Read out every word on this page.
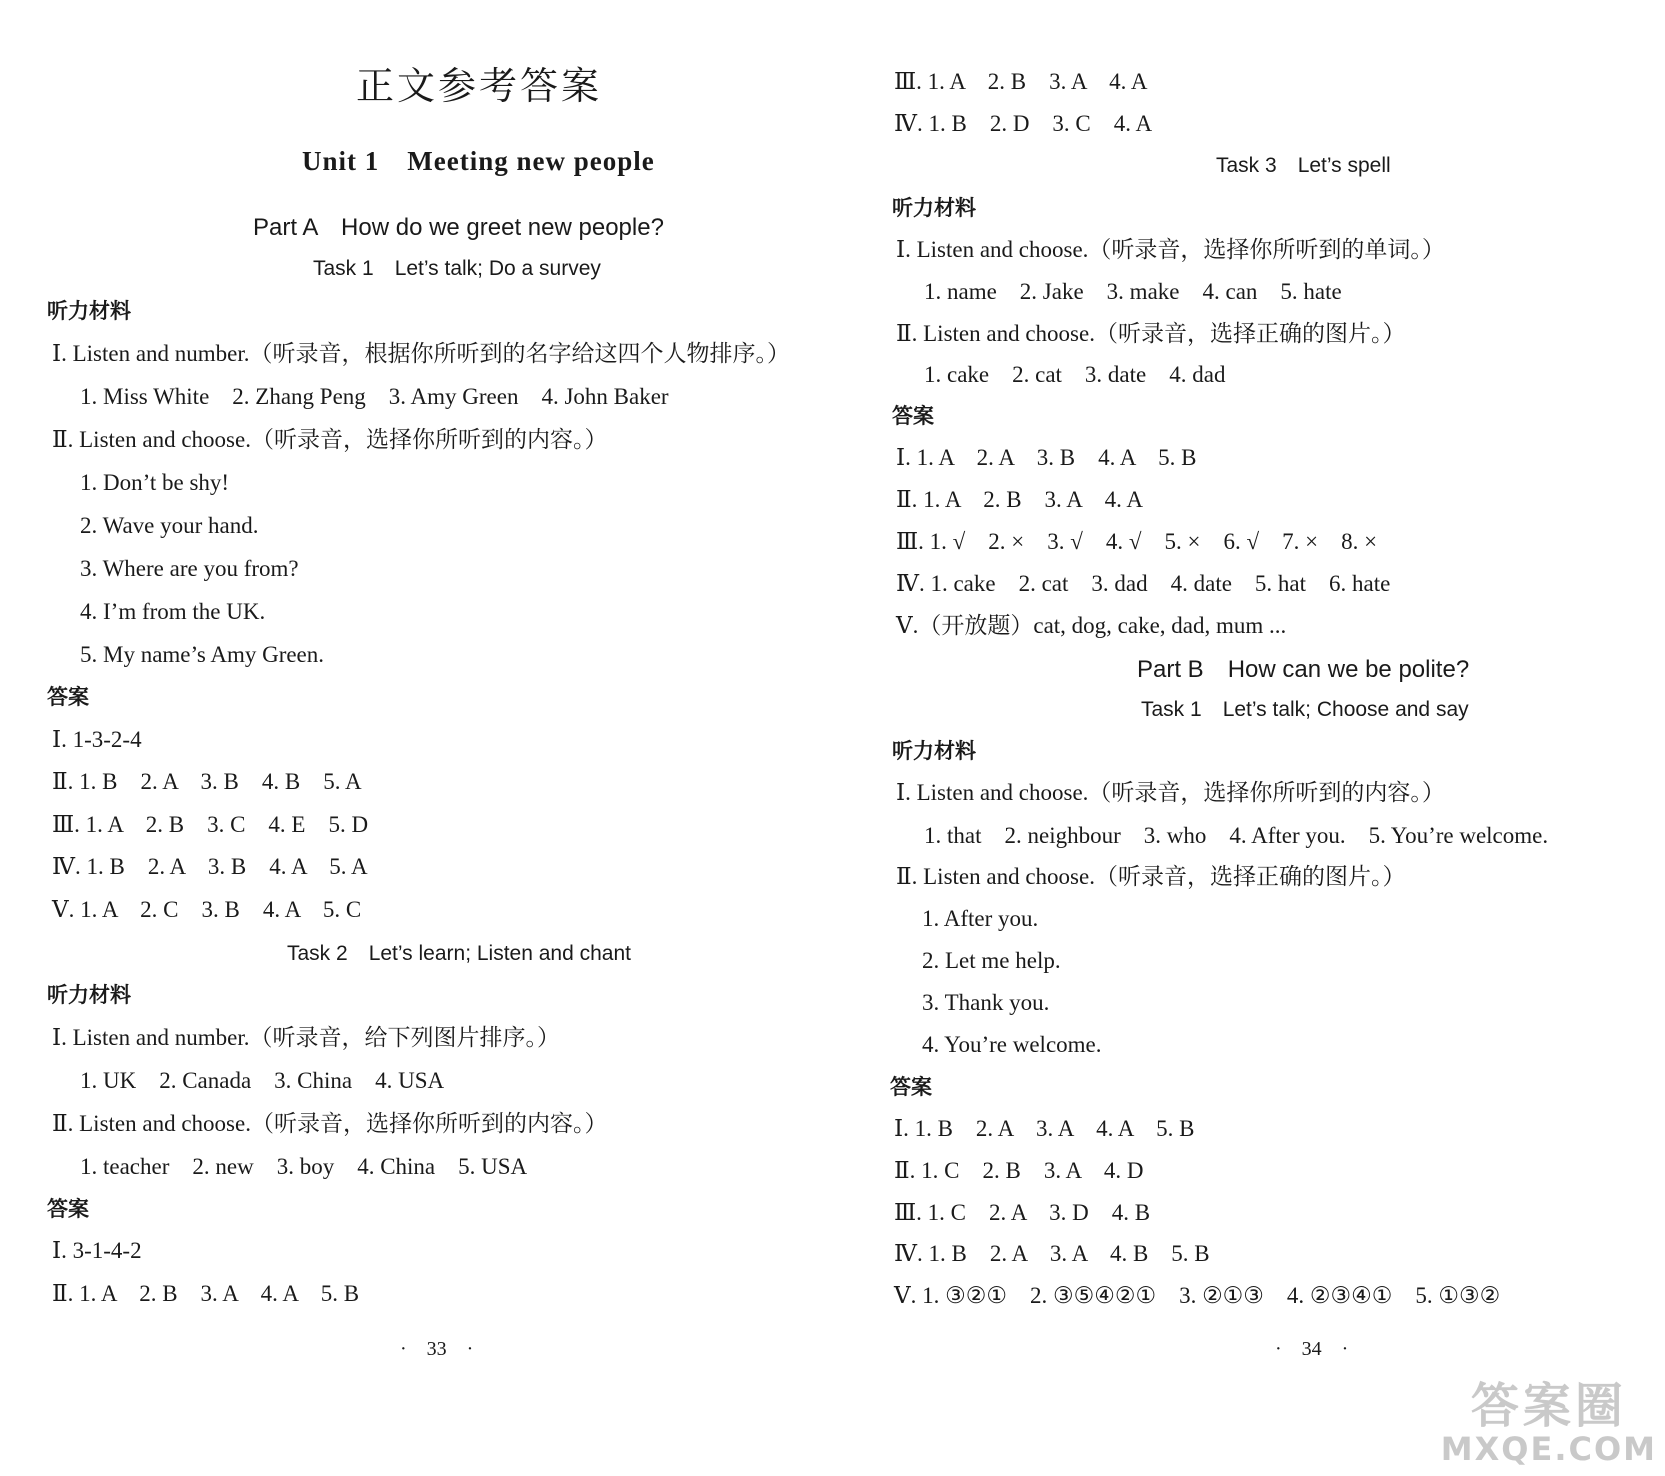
正文参考答案
Unit 1　Meeting new people
Part A　How do we greet new people?
Task 1　Let’s talk; Do a survey
听力材料
Ⅰ. Listen and number.（听录音，根据你所听到的名字给这四个人物排序。）
1. Miss White　2. Zhang Peng　3. Amy Green　4. John Baker
Ⅱ. Listen and choose.（听录音，选择你所听到的内容。）
1. Don’t be shy!
2. Wave your hand.
3. Where are you from?
4. I’m from the UK.
5. My name’s Amy Green.
答案
Ⅰ. 1-3-2-4
Ⅱ. 1. B　2. A　3. B　4. B　5. A
Ⅲ. 1. A　2. B　3. C　4. E　5. D
Ⅳ. 1. B　2. A　3. B　4. A　5. A
Ⅴ. 1. A　2. C　3. B　4. A　5. C
Task 2　Let’s learn; Listen and chant
听力材料
Ⅰ. Listen and number.（听录音，给下列图片排序。）
1. UK　2. Canada　3. China　4. USA
Ⅱ. Listen and choose.（听录音，选择你所听到的内容。）
1. teacher　2. new　3. boy　4. China　5. USA
答案
Ⅰ. 3-1-4-2
Ⅱ. 1. A　2. B　3. A　4. A　5. B
·　33　·
Ⅲ. 1. A　2. B　3. A　4. A
Ⅳ. 1. B　2. D　3. C　4. A
Task 3　Let’s spell
听力材料
Ⅰ. Listen and choose.（听录音，选择你所听到的单词。）
1. name　2. Jake　3. make　4. can　5. hate
Ⅱ. Listen and choose.（听录音，选择正确的图片。）
1. cake　2. cat　3. date　4. dad
答案
Ⅰ. 1. A　2. A　3. B　4. A　5. B
Ⅱ. 1. A　2. B　3. A　4. A
Ⅲ. 1. √　2. ×　3. √　4. √　5. ×　6. √　7. ×　8. ×
Ⅳ. 1. cake　2. cat　3. dad　4. date　5. hat　6. hate
Ⅴ.（开放题）cat, dog, cake, dad, mum ...
Part B　How can we be polite?
Task 1　Let’s talk; Choose and say
听力材料
Ⅰ. Listen and choose.（听录音，选择你所听到的内容。）
1. that　2. neighbour　3. who　4. After you.　5. You’re welcome.
Ⅱ. Listen and choose.（听录音，选择正确的图片。）
1. After you.
2. Let me help.
3. Thank you.
4. You’re welcome.
答案
Ⅰ. 1. B　2. A　3. A　4. A　5. B
Ⅱ. 1. C　2. B　3. A　4. D
Ⅲ. 1. C　2. A　3. D　4. B
Ⅳ. 1. B　2. A　3. A　4. B　5. B
Ⅴ. 1. ③②①　2. ③⑤④②①　3. ②①③　4. ②③④①　5. ①③②
·　34　·
答案圈
MXQE.COM
